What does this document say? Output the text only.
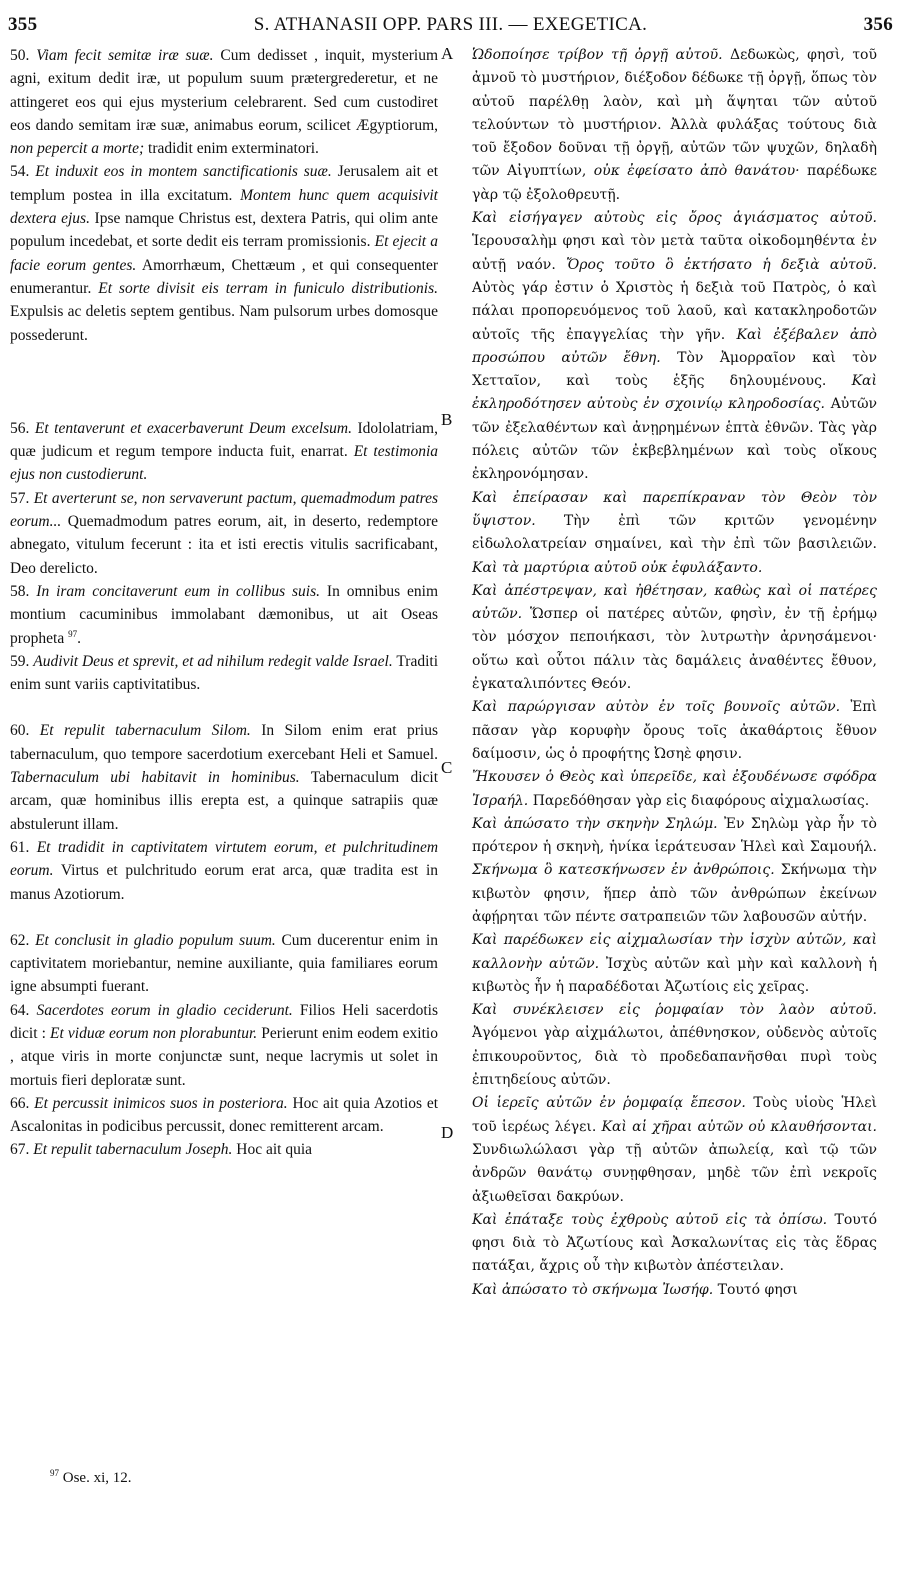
355	S. ATHANASII OPP. PARS III. — EXEGETICA.	356

50. Viam fecit semitæ iræ suæ. Cum dedisset , inquit, mysterium agni, exitum dedit iræ, ut populum suum prætergrederetur, et ne attingeret eos qui ejus mysterium celebrarent. Sed cum custodiret eos dando semitam iræ suæ, animabus eorum, scilicet Ægyptiorum, non pepercit a morte; tradidit enim exterminatori.

54. Et induxit eos in montem sanctificationis suæ. Jerusalem ait et templum postea in illa excitatum. Montem hunc quem acquisivit dextera ejus. Ipse namque Christus est, dextera Patris, qui olim ante populum incedebat, et sorte dedit eis terram promissionis. Et ejecit a facie eorum gentes. Amorrhæum, Chettæum , et qui consequenter enumerantur. Et sorte divisit eis terram in funiculo distributionis. Expulsis ac deletis septem gentibus. Nam pulsorum urbes domosque possederunt.

56. Et tentaverunt et exacerbaverunt Deum excelsum. Idololatriam, quæ judicum et regum tempore inducta fuit, enarrat. Et testimonia ejus non custodierunt.

57. Et averterunt se, non servaverunt pactum, quemadmodum patres eorum... Quemadmodum patres eorum, ait, in deserto, redemptore abnegato, vitulum fecerunt : ita et isti erectis vitulis sacrificabant, Deo derelicto.

58. In iram concitaverunt eum in collibus suis. In omnibus enim montium cacuminibus immolabant dæmonibus, ut ait Oseas propheta $^{97}$.

59. Audivit Deus et sprevit, et ad nihilum redegit valde Israel. Traditi enim sunt variis captivitatibus.

60. Et repulit tabernaculum Silom. In Silom enim erat prius tabernaculum, quo tempore sacerdotium exercebant Heli et Samuel. Tabernaculum ubi habitavit in hominibus. Tabernaculum dicit arcam, quæ hominibus illis erepta est, a quinque satrapiis quæ abstulerunt illam.

61. Et tradidit in captivitatem virtutem eorum, et pulchritudinem eorum. Virtus et pulchritudo eorum erat arca, quæ tradita est in manus Azotiorum.

62. Et conclusit in gladio populum suum. Cum ducerentur enim in captivitatem moriebantur, nemine auxiliante, quia familiares eorum igne absumpti fuerant.

64. Sacerdotes eorum in gladio ceciderunt. Filios Heli sacerdotis dicit : Et viduæ eorum non plorabuntur. Perierunt enim eodem exitio , atque viris in morte conjunctæ sunt, neque lacrymis ut solet in mortuis fieri deploratæ sunt.

66. Et percussit inimicos suos in posteriora. Hoc ait quia Azotios et Ascalonitas in podicibus percussit, donec remitterent arcam.

67. Et repulit tabernaculum Joseph. Hoc ait quia

A
B
C
D

Ὡδοποίησε τρίβον τῇ ὀργῇ αὐτοῦ. Δεδωκὼς, φησὶ, τοῦ ἀμνοῦ τὸ μυστήριον, διέξοδον δέδωκε τῇ ὀργῇ, ὅπως τὸν αὐτοῦ παρέλθῃ λαὸν, καὶ μὴ ἅψηται τῶν αὐτοῦ τελούντων τὸ μυστήριον. Ἀλλὰ φυλάξας τούτους διὰ τοῦ ἔξοδον δοῦναι τῇ ὀργῇ, αὐτῶν τῶν ψυχῶν, δηλαδὴ τῶν Αἰγυπτίων, οὐκ ἐφείσατο ἀπὸ θανάτου· παρέδωκε γὰρ τῷ ἐξολοθρευτῇ.

Καὶ εἰσήγαγεν αὐτοὺς εἰς ὄρος ἁγιάσματος αὐτοῦ. Ἱερουσαλὴμ φησι καὶ τὸν μετὰ ταῦτα οἰκοδομηθέντα ἐν αὐτῇ ναόν. Ὄρος τοῦτο ὃ ἐκτήσατο ἡ δεξιὰ αὐτοῦ. Αὐτὸς γάρ ἐστιν ὁ Χριστὸς ἡ δεξιὰ τοῦ Πατρὸς, ὁ καὶ πάλαι προπορευόμενος τοῦ λαοῦ, καὶ κατακληροδοτῶν αὐτοῖς τῆς ἐπαγγελίας τὴν γῆν. Καὶ ἐξέβαλεν ἀπὸ προσώπου αὐτῶν ἔθνη. Τὸν Ἀμορραῖον καὶ τὸν Χετταῖον, καὶ τοὺς ἑξῆς δηλουμένους. Καὶ ἐκληροδότησεν αὐτοὺς ἐν σχοινίῳ κληροδοσίας. Αὐτῶν τῶν ἐξελαθέντων καὶ ἀνῃρημένων ἑπτὰ ἐθνῶν. Τὰς γὰρ πόλεις αὐτῶν τῶν ἐκβεβλημένων καὶ τοὺς οἴκους ἐκληρονόμησαν.

Καὶ ἐπείρασαν καὶ παρεπίκραναν τὸν Θεὸν τὸν ὕψιστον. Τὴν ἐπὶ τῶν κριτῶν γενομένην εἰδωλολατρείαν σημαίνει, καὶ τὴν ἐπὶ τῶν βασιλειῶν. Καὶ τὰ μαρτύρια αὐτοῦ οὐκ ἐφυλάξαντο.

Καὶ ἀπέστρεψαν, καὶ ἠθέτησαν, καθὼς καὶ οἱ πατέρες αὐτῶν. Ὥσπερ οἱ πατέρες αὐτῶν, φησὶν, ἐν τῇ ἐρήμῳ τὸν μόσχον πεποιήκασι, τὸν λυτρωτὴν ἀρνησάμενοι· οὕτω καὶ οὗτοι πάλιν τὰς δαμάλεις ἀναθέντες ἔθυον, ἐγκαταλιπόντες Θεόν.

Καὶ παρώργισαν αὐτὸν ἐν τοῖς βουνοῖς αὐτῶν. Ἐπὶ πᾶσαν γὰρ κορυφὴν ὄρους τοῖς ἀκαθάρτοις ἔθυον δαίμοσιν, ὡς ὁ προφήτης Ὠσηὲ φησιν.

Ἤκουσεν ὁ Θεὸς καὶ ὑπερεῖδε, καὶ ἐξουδένωσε σφόδρα Ἰσραήλ. Παρεδόθησαν γὰρ εἰς διαφόρους αἰχμαλωσίας.

Καὶ ἀπώσατο τὴν σκηνὴν Σηλώμ. Ἐν Σηλὼμ γὰρ ἦν τὸ πρότερον ἡ σκηνὴ, ἡνίκα ἱεράτευσαν Ἡλεὶ καὶ Σαμουήλ. Σκήνωμα ὃ κατεσκήνωσεν ἐν ἀνθρώποις. Σκήνωμα τὴν κιβωτὸν φησιν, ἥπερ ἀπὸ τῶν ἀνθρώπων ἐκείνων ἀφῄρηται τῶν πέντε σατραπειῶν τῶν λαβουσῶν αὐτήν.

Καὶ παρέδωκεν εἰς αἰχμαλωσίαν τὴν ἰσχὺν αὐτῶν, καὶ καλλονὴν αὐτῶν. Ἰσχὺς αὐτῶν καὶ μὴν καὶ καλλονὴ ἡ κιβωτὸς ἦν ἡ παραδέδοται Ἀζωτίοις εἰς χεῖρας.

Καὶ συνέκλεισεν εἰς ῥομφαίαν τὸν λαὸν αὐτοῦ. Ἀγόμενοι γὰρ αἰχμάλωτοι, ἀπέθνησκον, οὐδενὸς αὐτοῖς ἐπικουροῦντος, διὰ τὸ προδεδαπανῆσθαι πυρὶ τοὺς ἐπιτηδείους αὐτῶν.

Οἱ ἱερεῖς αὐτῶν ἐν ῥομφαίᾳ ἔπεσον. Τοὺς υἱοὺς Ἡλεὶ τοῦ ἱερέως λέγει. Καὶ αἱ χῆραι αὐτῶν οὐ κλαυθήσονται. Συνδιωλώλασι γὰρ τῇ αὐτῶν ἀπωλείᾳ, καὶ τῷ τῶν ἀνδρῶν θανάτῳ συνῃφθησαν, μηδὲ τῶν ἐπὶ νεκροῖς ἀξιωθεῖσαι δακρύων.

Καὶ ἐπάταξε τοὺς ἐχθροὺς αὐτοῦ εἰς τὰ ὀπίσω. Τουτό φησι διὰ τὸ Ἀζωτίους καὶ Ἀσκαλωνίτας εἰς τὰς ἕδρας πατάξαι, ἄχρις οὗ τὴν κιβωτὸν ἀπέστειλαν.

Καὶ ἀπώσατο τὸ σκήνωμα Ἰωσήφ. Τουτό φησι

$^{97}$ Ose. xi, 12.
